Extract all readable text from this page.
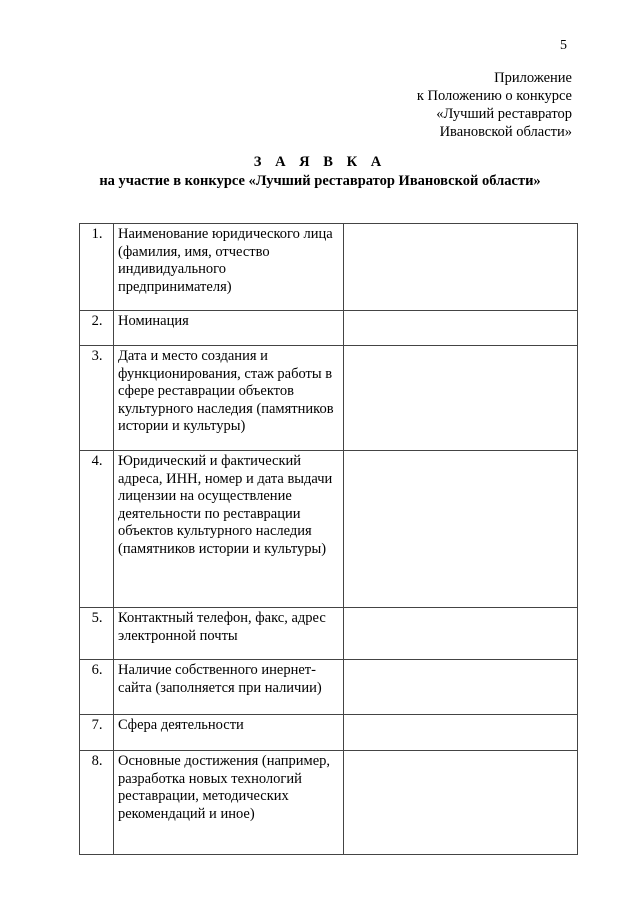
5
Приложение
к Положению о конкурсе
«Лучший реставратор
Ивановской области»
З А Я В К А
на участие в конкурсе «Лучший реставратор Ивановской области»
1.	Наименование юридического лица (фамилия, имя, отчество индивидуального предпринимателя)	
2.	Номинация	
3.	Дата и место создания и функционирования, стаж работы в сфере реставрации объектов культурного наследия (памятников истории и культуры)	
4.	Юридический и фактический адреса, ИНН, номер и дата выдачи лицензии на осуществление деятельности по реставрации объектов культурного наследия (памятников истории и культуры)	
5.	Контактный телефон, факс, адрес электронной почты	
6.	Наличие собственного инернет-сайта (заполняется при наличии)	
7.	Сфера деятельности	
8.	Основные достижения (например, разработка новых технологий реставрации, методических рекомендаций и иное)	
